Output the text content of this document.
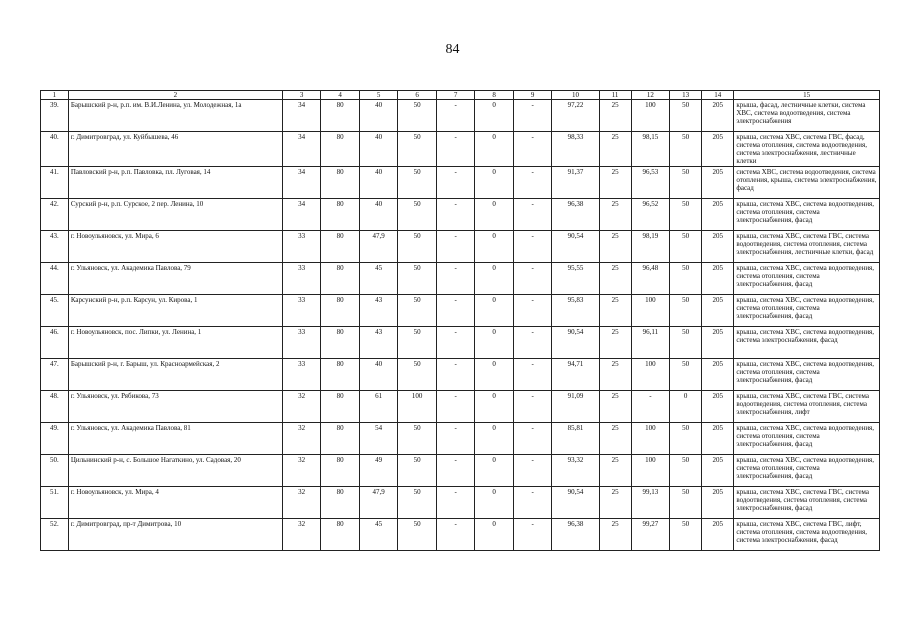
84
1	2	3	4	5	6	7	8	9	10	11	12	13	14	15
39.	Барышский р-н, р.п. им. В.И.Ленина, ул. Молодежная, 1а	34	80	40	50	-	0	-	97,22	25	100	50	205	крыша, фасад, лестничные клетки, система ХВС, система водоотведения, система электроснабжения
40.	г. Димитровград, ул. Куйбышева, 46	34	80	40	50	-	0	-	98,33	25	98,15	50	205	крыша, система ХВС, система ГВС, фасад, система отопления, система водоотведения, система электроснабжения, лестничные клетки
41.	Павловский р-н, р.п. Павловка, пл. Луговая, 14	34	80	40	50	-	0	-	91,37	25	96,53	50	205	система ХВС, система водоотведения, система отопления, крыша, система электроснабжения, фасад
42.	Сурский р-н, р.п. Сурское, 2 пер. Ленина, 10	34	80	40	50	-	0	-	96,38	25	96,52	50	205	крыша, система ХВС, система водоотведения, система отопления, система электроснабжения, фасад
43.	г. Новоульяновск, ул. Мира, 6	33	80	47,9	50	-	0	-	90,54	25	98,19	50	205	крыша, система ХВС, система ГВС, система водоотведения, система отопления, система электроснабжения, лестничные клетки, фасад
44.	г. Ульяновск, ул. Академика Павлова, 79	33	80	45	50	-	0	-	95,55	25	96,48	50	205	крыша, система ХВС, система водоотведения, система отопления, система электроснабжения, фасад
45.	Карсунский р-н, р.п. Карсун, ул. Кирова, 1	33	80	43	50	-	0	-	95,83	25	100	50	205	крыша, система ХВС, система водоотведения, система отопления, система электроснабжения, фасад
46.	г. Новоульяновск, пос. Липки, ул. Ленина, 1	33	80	43	50	-	0	-	90,54	25	96,11	50	205	крыша, система ХВС, система водоотведения, система электроснабжения, фасад
47.	Барышский р-н, г. Барыш, ул. Красноармейская, 2	33	80	40	50	-	0	-	94,71	25	100	50	205	крыша, система ХВС, система водоотведения, система отопления, система электроснабжения, фасад
48.	г. Ульяновск, ул. Рябикова, 73	32	80	61	100	-	0	-	91,09	25	-	0	205	крыша, система ХВС, система ГВС, система водоотведения, система отопления, система электроснабжения, лифт
49.	г. Ульяновск, ул. Академика Павлова, 81	32	80	54	50	-	0	-	85,81	25	100	50	205	крыша, система ХВС, система водоотведения, система отопления, система электроснабжения, фасад
50.	Цильнинский р-н, с. Большое Нагаткино, ул. Садовая, 20	32	80	49	50	-	0	-	93,32	25	100	50	205	крыша, система ХВС, система водоотведения, система отопления, система электроснабжения, фасад
51.	г. Новоульяновск, ул. Мира, 4	32	80	47,9	50	-	0	-	90,54	25	99,13	50	205	крыша, система ХВС, система ГВС, система водоотведения, система отопления, система электроснабжения, фасад
52.	г. Димитровград, пр-т Димитрова, 10	32	80	45	50	-	0	-	96,38	25	99,27	50	205	крыша, система ХВС, система ГВС, лифт, система отопления, система водоотведения, система электроснабжения, фасад
